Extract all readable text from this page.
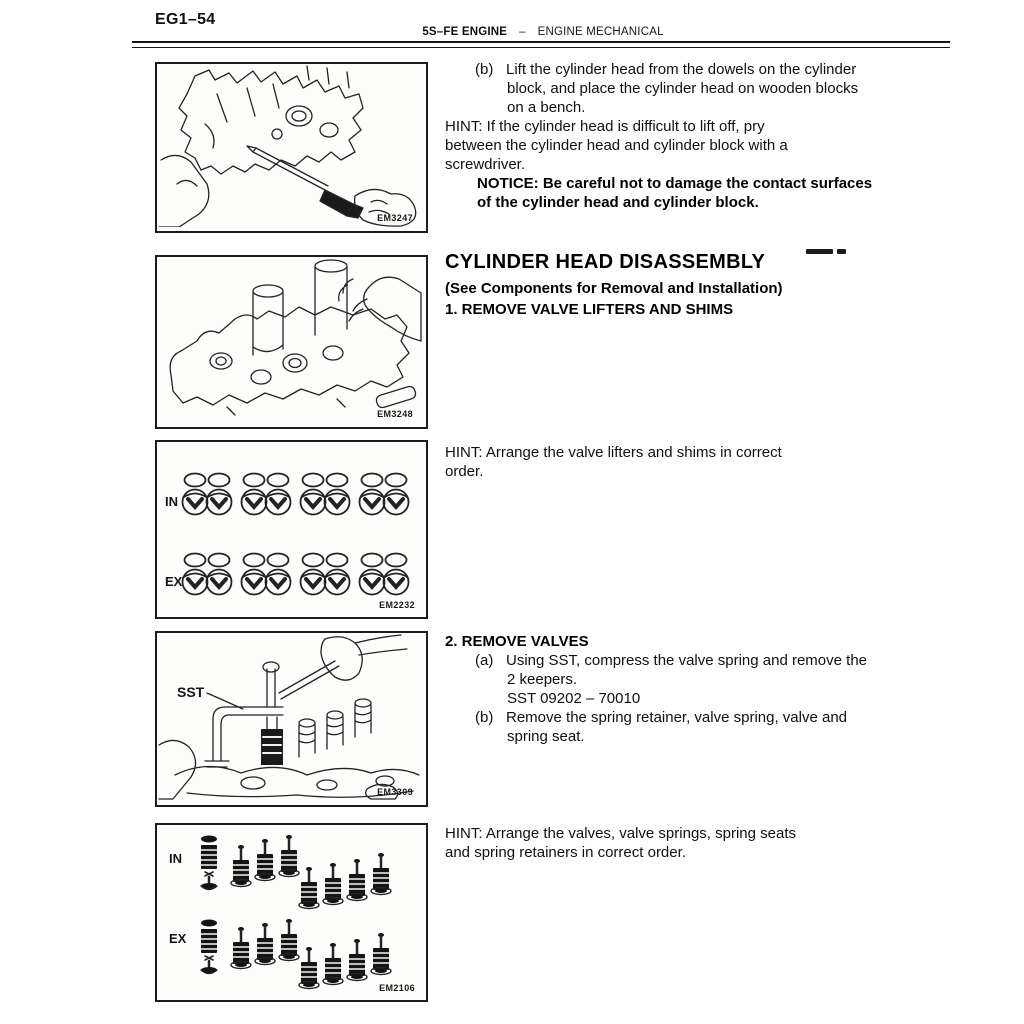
EG1–54
5S–FE ENGINE – ENGINE MECHANICAL
EM3247
EM3248
IN
EX
EM2232
SST
EM3309
IN
EX
EM2106
(b) Lift the cylinder head from the dowels on the cylinder
block, and place the cylinder head on wooden blocks
on a bench.
HINT: If the cylinder head is difficult to lift off, pry
between the cylinder head and cylinder block with a
screwdriver.
NOTICE: Be careful not to damage the contact surfaces
of the cylinder head and cylinder block.
CYLINDER HEAD DISASSEMBLY
(See Components for Removal and Installation)
1. REMOVE VALVE LIFTERS AND SHIMS
HINT: Arrange the valve lifters and shims in correct
order.
2. REMOVE VALVES
(a) Using SST, compress the valve spring and remove the
2 keepers.
SST 09202 – 70010
(b) Remove the spring retainer, valve spring, valve and
spring seat.
HINT: Arrange the valves, valve springs, spring seats
and spring retainers in correct order.
